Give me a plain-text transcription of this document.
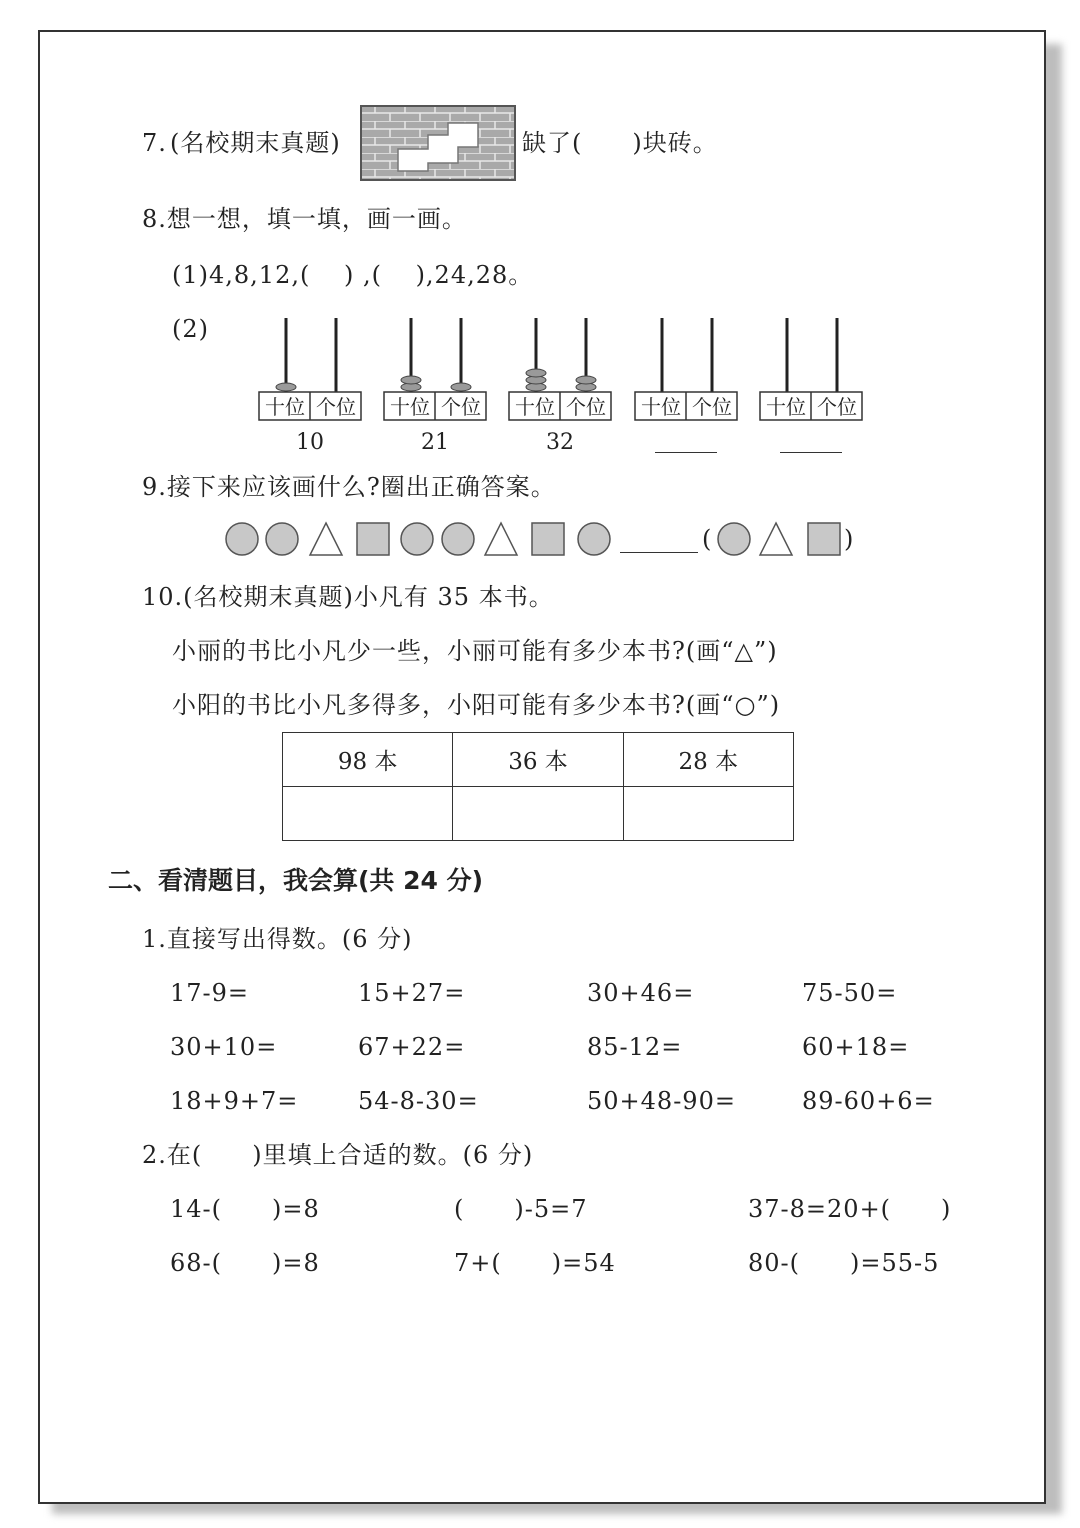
7. (名校期末真题)	缺了(　　)块砖。
8.想一想，填一填，画一画。
(1)4,8,12,(　 ) ,(　 ),24,28。
(2)
十位 个位
10
十位 个位
21
十位 个位
32
十位 个位 十位 个位
9.接下来应该画什么?圈出正确答案。
(	)
10.(名校期末真题)小凡有 35 本书。
小丽的书比小凡少一些，小丽可能有多少本书?(画“△”)
小阳的书比小凡多得多，小阳可能有多少本书?(画“○”)
98 本	36 本	28 本

二、看清题目，我会算(共 24 分)
1.直接写出得数。(6 分)
17-9=	15+27=	30+46=	75-50=
30+10=	67+22=	85-12=	60+18=
18+9+7= 54-8-30=	50+48-90=	89-60+6=
2.在(　　)里填上合适的数。(6 分)
14-(　　)=8	(　　)-5=7	37-8=20+(　　)
68-(　　)=8	7+(　　)=54	80-(　　)=55-5
